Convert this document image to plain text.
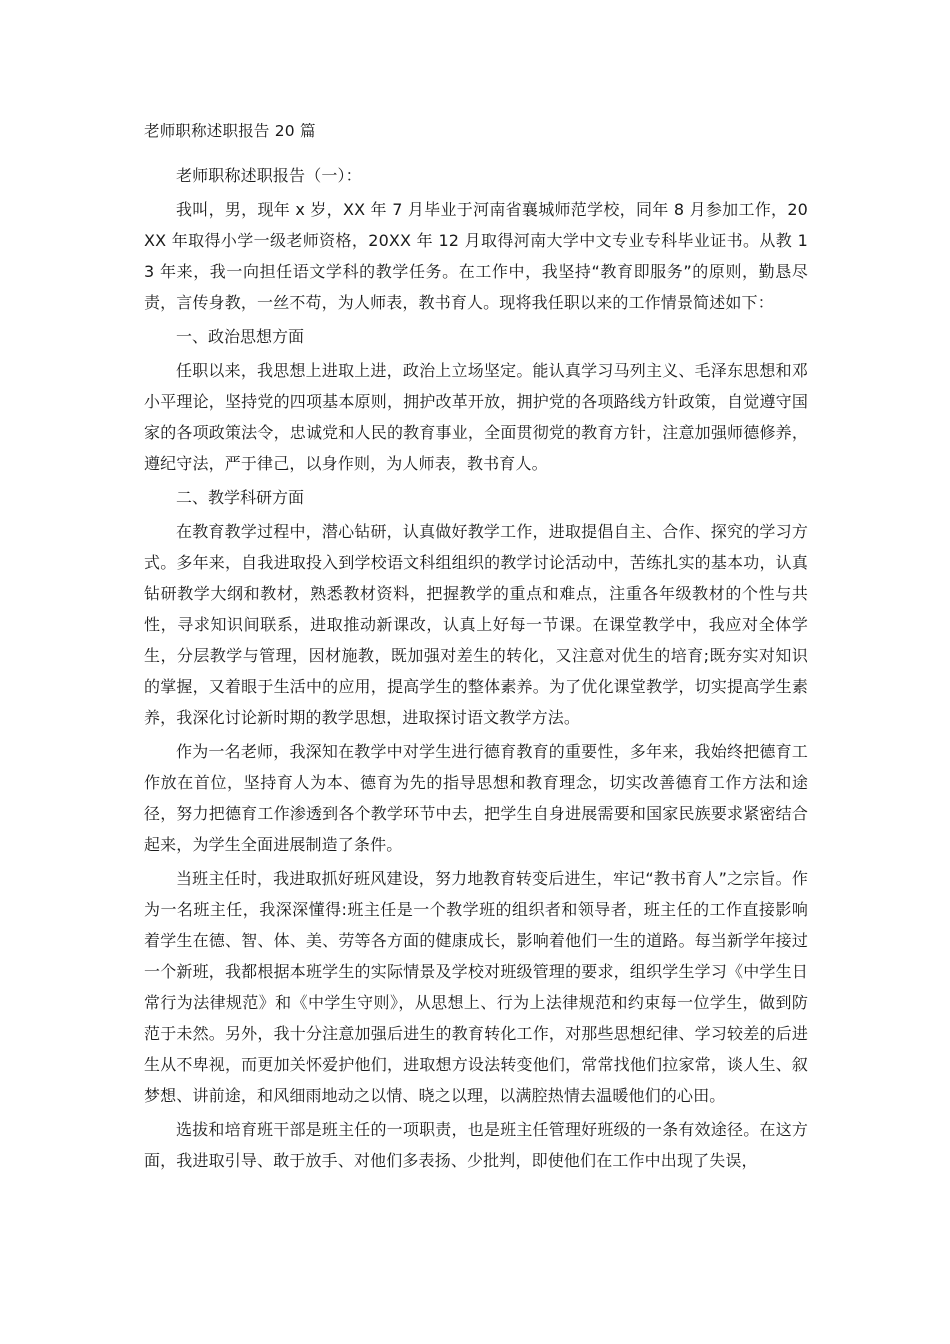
老师职称述职报告 20 篇

老师职称述职报告（一）：

我叫，男，现年 x 岁，XX 年 7 月毕业于河南省襄城师范学校，同年 8 月参加工作，20XX 年取得小学一级老师资格，20XX 年 12 月取得河南大学中文专业专科毕业证书。从教 13 年来，我一向担任语文学科的教学任务。在工作中，我坚持“教育即服务”的原则，勤恳尽责，言传身教，一丝不苟，为人师表，教书育人。现将我任职以来的工作情景简述如下：

一、政治思想方面

任职以来，我思想上进取上进，政治上立场坚定。能认真学习马列主义、毛泽东思想和邓小平理论，坚持党的四项基本原则，拥护改革开放，拥护党的各项路线方针政策，自觉遵守国家的各项政策法令，忠诚党和人民的教育事业，全面贯彻党的教育方针，注意加强师德修养，遵纪守法，严于律己，以身作则，为人师表，教书育人。

二、教学科研方面

在教育教学过程中，潜心钻研，认真做好教学工作，进取提倡自主、合作、探究的学习方式。多年来，自我进取投入到学校语文科组组织的教学讨论活动中，苦练扎实的基本功，认真钻研教学大纲和教材，熟悉教材资料，把握教学的重点和难点，注重各年级教材的个性与共性，寻求知识间联系，进取推动新课改，认真上好每一节课。在课堂教学中，我应对全体学生，分层教学与管理，因材施教，既加强对差生的转化，又注意对优生的培育;既夯实对知识的掌握，又着眼于生活中的应用，提高学生的整体素养。为了优化课堂教学，切实提高学生素养，我深化讨论新时期的教学思想，进取探讨语文教学方法。

作为一名老师，我深知在教学中对学生进行德育教育的重要性，多年来，我始终把德育工作放在首位，坚持育人为本、德育为先的指导思想和教育理念，切实改善德育工作方法和途径，努力把德育工作渗透到各个教学环节中去，把学生自身进展需要和国家民族要求紧密结合起来，为学生全面进展制造了条件。

当班主任时，我进取抓好班风建设，努力地教育转变后进生，牢记“教书育人”之宗旨。作为一名班主任，我深深懂得:班主任是一个教学班的组织者和领导者，班主任的工作直接影响着学生在德、智、体、美、劳等各方面的健康成长，影响着他们一生的道路。每当新学年接过一个新班，我都根据本班学生的实际情景及学校对班级管理的要求，组织学生学习《中学生日常行为法律规范》和《中学生守则》，从思想上、行为上法律规范和约束每一位学生，做到防范于未然。另外，我十分注意加强后进生的教育转化工作，对那些思想纪律、学习较差的后进生从不卑视，而更加关怀爱护他们，进取想方设法转变他们，常常找他们拉家常，谈人生、叙梦想、讲前途，和风细雨地动之以情、晓之以理，以满腔热情去温暖他们的心田。

选拔和培育班干部是班主任的一项职责，也是班主任管理好班级的一条有效途径。在这方面，我进取引导、敢于放手、对他们多表扬、少批判，即使他们在工作中出现了失误，
